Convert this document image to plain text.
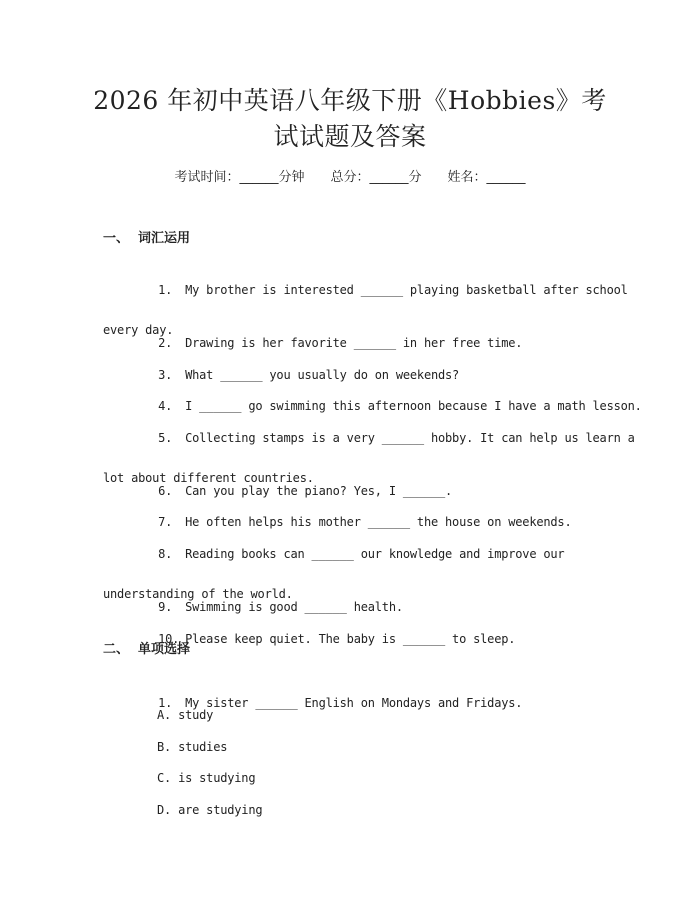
2026 年初中英语八年级下册《Hobbies》考
试试题及答案
考试时间：______分钟 总分：______分 姓名：______
一、  词汇运用

1. My brother is interested ______ playing basketball after school

every day.

2. Drawing is her favorite ______ in her free time.

3. What ______ you usually do on weekends?

4. I ______ go swimming this afternoon because I have a math lesson.

5. Collecting stamps is a very ______ hobby. It can help us learn a

lot about different countries.

6. Can you play the piano? Yes, I ______.

7. He often helps his mother ______ the house on weekends.

8. Reading books can ______ our knowledge and improve our

understanding of the world.

9. Swimming is good ______ health.

10. Please keep quiet. The baby is ______ to sleep.

二、  单项选择

1. My sister ______ English on Mondays and Fridays.

A. study
B. studies
C. is studying
D. are studying
